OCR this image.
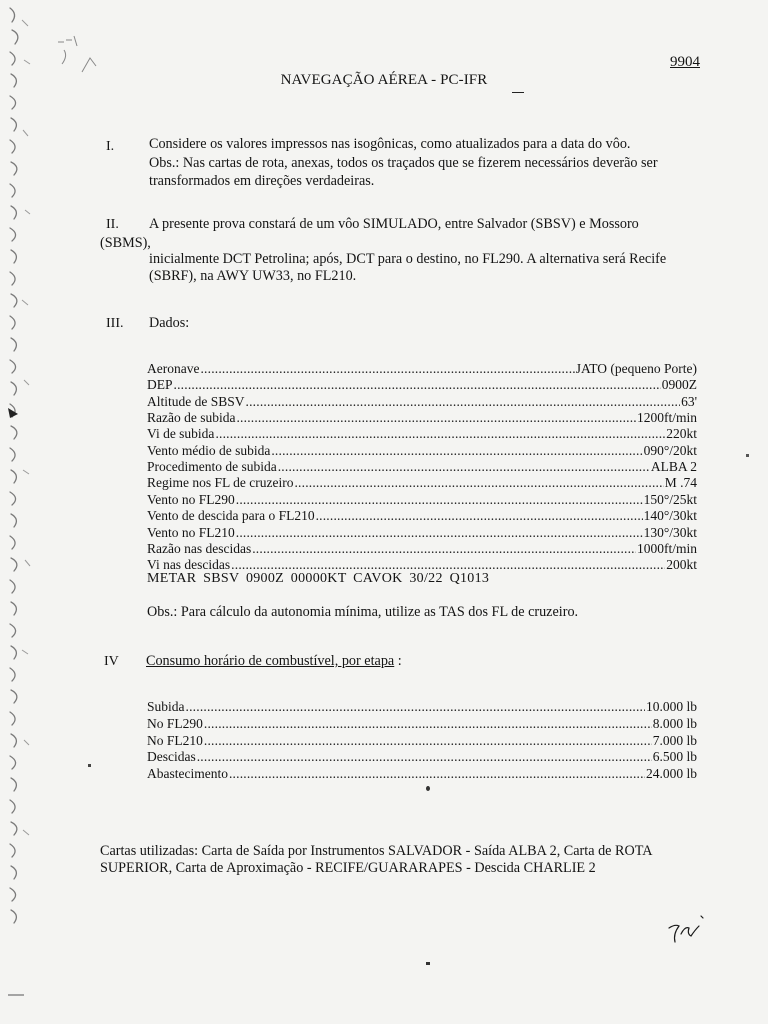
9904
NAVEGAÇÃO AÉREA - PC-IFR
I. Considere os valores impressos nas isogônicas, como atualizados para a data do vôo.
Obs.: Nas cartas de rota, anexas, todos os traçados que se fizerem necessários deverão ser
transformados em direções verdadeiras.
II. A presente prova constará de um vôo SIMULADO, entre Salvador (SBSV) e Mossoro
(SBMS),
inicialmente DCT Petrolina; após, DCT para o destino, no FL290. A alternativa será Recife
(SBRF), na AWY UW33, no FL210.
III. Dados:
Aeronave .....	JATO (pequeno Porte)
DEP .....	0900Z
Altitude de SBSV .....	63'
Razão de subida .....	1200ft/min
Vi de subida .....	220kt
Vento médio de subida .....	090°/20kt
Procedimento de subida .....	ALBA 2
Regime nos FL de cruzeiro .....	M .74
Vento no FL290 .....	150°/25kt
Vento de descida para o FL210 .....	140°/30kt
Vento no FL210 .....	130°/30kt
Razão nas descidas .....	1000ft/min
Vi nas descidas .....	200kt
METAR SBSV 0900Z 00000KT CAVOK 30/22 Q1013
Obs.: Para cálculo da autonomia mínima, utilize as TAS dos FL de cruzeiro.
IV Consumo horário de combustível, por etapa :
Subida .....	10.000 lb
No FL290 .....	8.000 lb
No FL210 .....	7.000 lb
Descidas .....	6.500 lb
Abastecimento .....	24.000 lb
Cartas utilizadas: Carta de Saída por Instrumentos SALVADOR - Saída ALBA 2, Carta de ROTA
SUPERIOR, Carta de Aproximação - RECIFE/GUARARAPES - Descida CHARLIE 2
